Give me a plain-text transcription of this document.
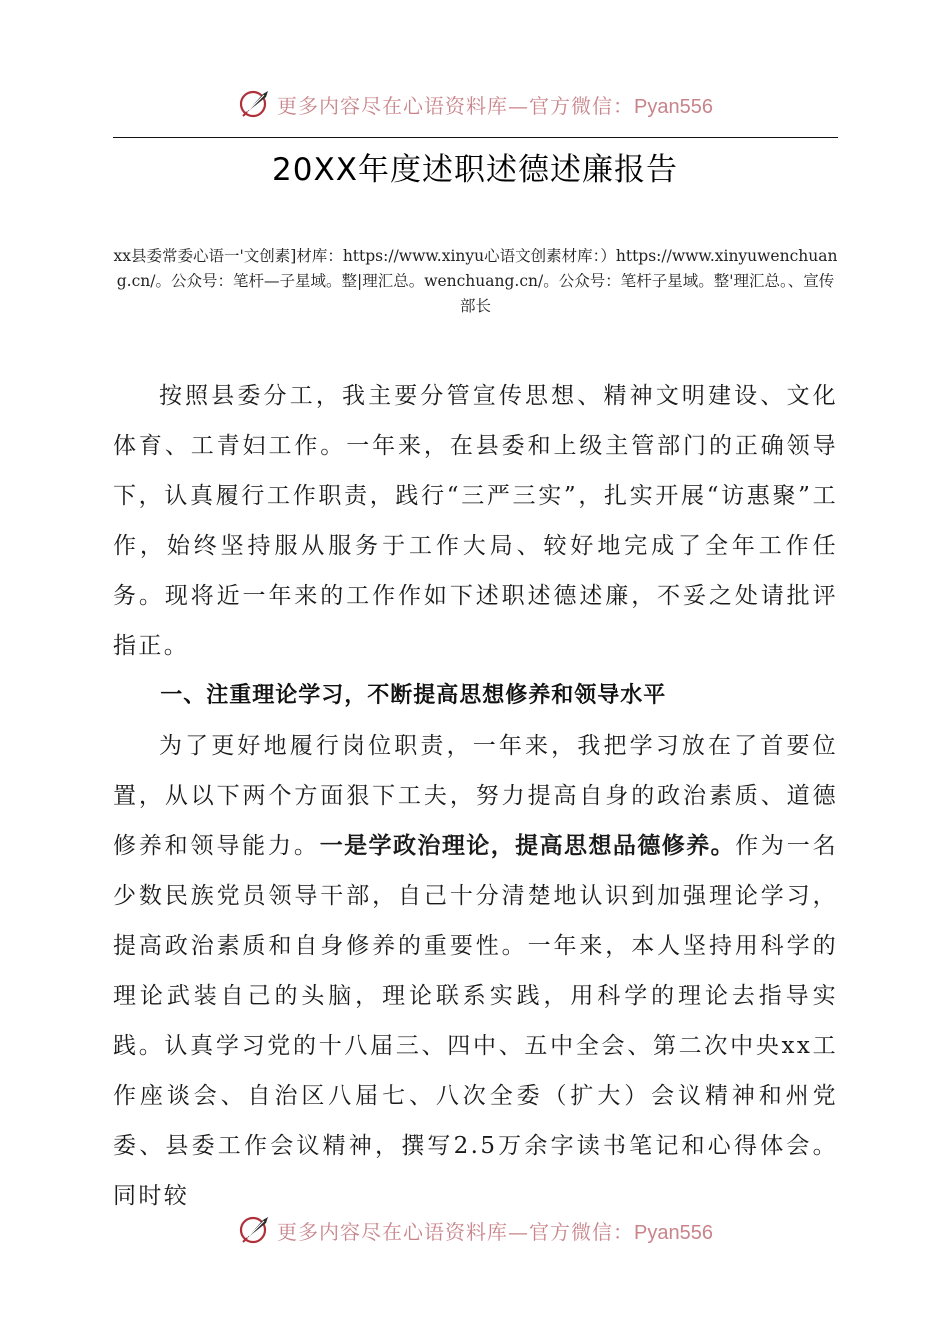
更多内容尽在心语资料库—官方微信：Pyan556
20XX年度述职述德述廉报告
xx县委常委心语一'文创素]材库：https://www.xinyu心语文创素材库：）https://www.xinyuwenchuang.cn/。公众号：笔杆—子星域。整|理汇总。wenchuang.cn/。公众号：笔杆子星域。整'理汇总。、宣传部长

按照县委分工，我主要分管宣传思想、精神文明建设、文化体育、工青妇工作。一年来，在县委和上级主管部门的正确领导下，认真履行工作职责，践行“三严三实”，扎实开展“访惠聚”工作，始终坚持服从服务于工作大局、较好地完成了全年工作任务。现将近一年来的工作作如下述职述德述廉，不妥之处请批评指正。

一、注重理论学习，不断提高思想修养和领导水平

为了更好地履行岗位职责，一年来，我把学习放在了首要位置，从以下两个方面狠下工夫，努力提高自身的政治素质、道德修养和领导能力。一是学政治理论，提高思想品德修养。作为一名少数民族党员领导干部，自己十分清楚地认识到加强理论学习，提高政治素质和自身修养的重要性。一年来，本人坚持用科学的理论武装自己的头脑，理论联系实践，用科学的理论去指导实践。认真学习党的十八届三、四中、五中全会、第二次中央xx工作座谈会、自治区八届七、八次全委（扩大）会议精神和州党委、县委工作会议精神，撰写2.5万余字读书笔记和心得体会。同时较

更多内容尽在心语资料库—官方微信：Pyan556
